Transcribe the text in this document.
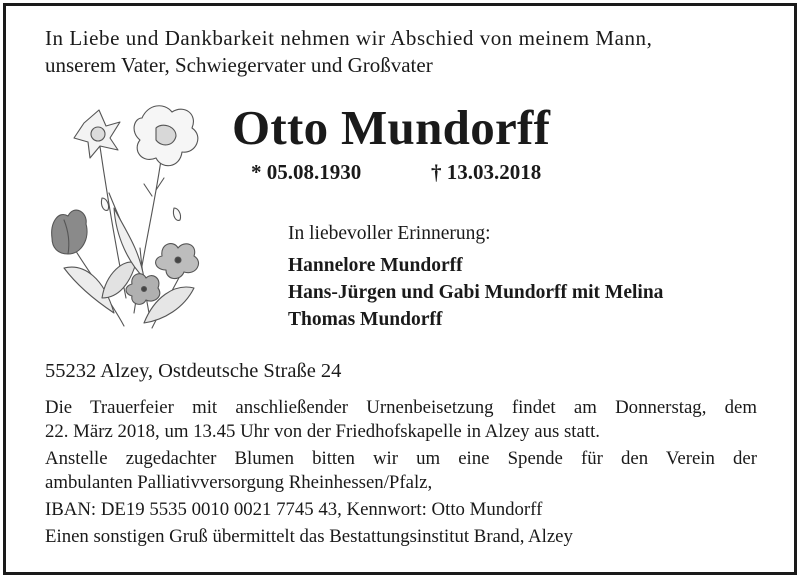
In Liebe und Dankbarkeit nehmen wir Abschied von meinem Mann,
unserem Vater, Schwiegervater und Großvater
Otto Mundorff
* 05.08.1930	† 13.03.2018
In liebevoller Erinnerung:
Hannelore Mundorff
Hans-Jürgen und Gabi Mundorff mit Melina
Thomas Mundorff
55232 Alzey, Ostdeutsche Straße 24
Die Trauerfeier mit anschließender Urnenbeisetzung findet am Donnerstag, dem
22. März 2018, um 13.45 Uhr von der Friedhofskapelle in Alzey aus statt.
Anstelle zugedachter Blumen bitten wir um eine Spende für den Verein der
ambulanten Palliativversorgung Rheinhessen/Pfalz,
IBAN: DE19 5535 0010 0021 7745 43, Kennwort: Otto Mundorff
Einen sonstigen Gruß übermittelt das Bestattungsinstitut Brand, Alzey
